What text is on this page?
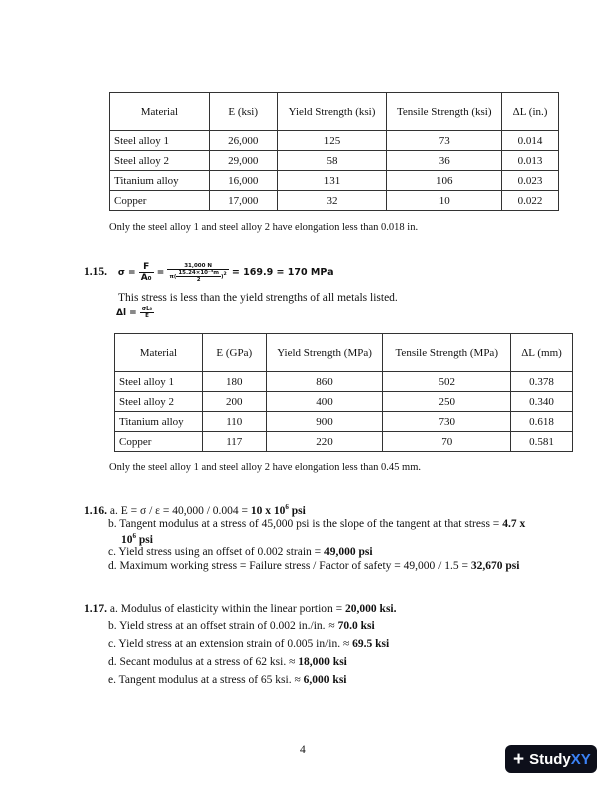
Material	E (ksi)	Yield Strength (ksi)	Tensile Strength (ksi)	ΔL (in.)
Steel alloy 1	26,000	125	73	0.014
Steel alloy 2	29,000	58	36	0.013
Titanium alloy	16,000	131	106	0.023
Copper	17,000	32	10	0.022
Only the steel alloy 1 and steel alloy 2 have elongation less than 0.018 in.
1.15. $\sigma = \frac{F}{\text{A₀}} = \frac{31,000 N}{\pi( \frac{\text{15.24×10⁻³m}}{2} )^2} = 169.9 = 170$ MPa
This stress is less than the yield strengths of all metals listed.
$\Delta l = \frac{\text{σL₀}}{E}$
Material	E (GPa)	Yield Strength (MPa)	Tensile Strength (MPa)	ΔL (mm)
Steel alloy 1	180	860	502	0.378
Steel alloy 2	200	400	250	0.340
Titanium alloy	110	900	730	0.618
Copper	117	220	70	0.581
Only the steel alloy 1 and steel alloy 2 have elongation less than 0.45 mm.
1.16. a. E = σ / ε = 40,000 / 0.004 = 10 x $10^6$ psi
b. Tangent modulus at a stress of 45,000 psi is the slope of the tangent at that stress = 4.7 x
$10^6$ psi
c. Yield stress using an offset of 0.002 strain = 49,000 psi
d. Maximum working stress = Failure stress / Factor of safety = 49,000 / 1.5 = 32,670 psi
1.17. a. Modulus of elasticity within the linear portion = 20,000 ksi.
b. Yield stress at an offset strain of 0.002 in./in. ≈ 70.0 ksi
c. Yield stress at an extension strain of 0.005 in/in. ≈ 69.5 ksi
d. Secant modulus at a stress of 62 ksi. ≈ 18,000 ksi
e. Tangent modulus at a stress of 65 ksi. ≈ 6,000 ksi
4	+ StudyXY
